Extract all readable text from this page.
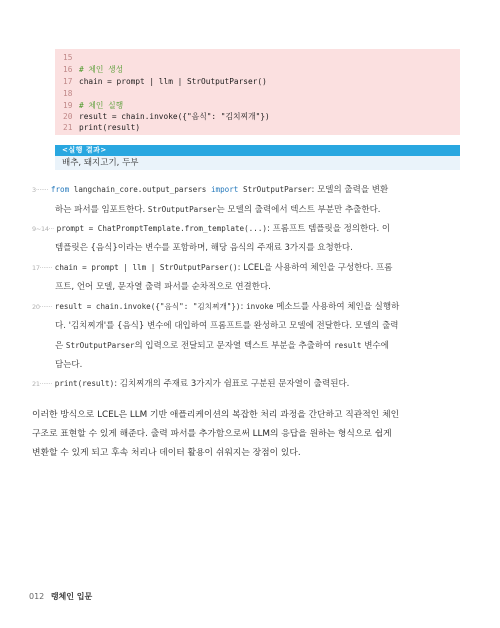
15
16 # 체인 생성
17 chain = prompt | llm | StrOutputParser()
18
19 # 체인 실행
20 result = chain.invoke({"음식": "김치찌개"})
21 print(result)
<실행 결과>
배추, 돼지고기, 두부
3······· from langchain_core.output_parsers import StrOutputParser: 모델의 출력을 변환
하는 파서를 임포트한다. StrOutputParser는 모델의 출력에서 텍스트 부분만 추출한다.
9~14··· prompt = ChatPromptTemplate.from_template(...): 프롬프트 템플릿을 정의한다. 이
템플릿은 {음식}이라는 변수를 포함하며, 해당 음식의 주재료 3가지를 요청한다.
17······· chain = prompt | llm | StrOutputParser(): LCEL을 사용하여 체인을 구성한다. 프롬
프트, 언어 모델, 문자열 출력 파서를 순차적으로 연결한다.
20······· result = chain.invoke({"음식": "김치찌개"}): invoke 메소드를 사용하여 체인을 실행하
다. '김치찌개'를 {음식} 변수에 대입하여 프롬프트를 완성하고 모델에 전달한다. 모델의 출력
은 StrOutputParser의 입력으로 전달되고 문자열 텍스트 부분을 추출하여 result 변수에
담는다.
21······· print(result): 김치찌개의 주재료 3가지가 쉼표로 구분된 문자열이 출력된다.
이러한 방식으로 LCEL은 LLM 기반 애플리케이션의 복잡한 처리 과정을 간단하고 직관적인 체인
구조로 표현할 수 있게 해준다. 출력 파서를 추가함으로써 LLM의 응답을 원하는 형식으로 쉽게
변환할 수 있게 되고 후속 처리나 데이터 활용이 쉬워지는 장점이 있다.
012 랭체인 입문
